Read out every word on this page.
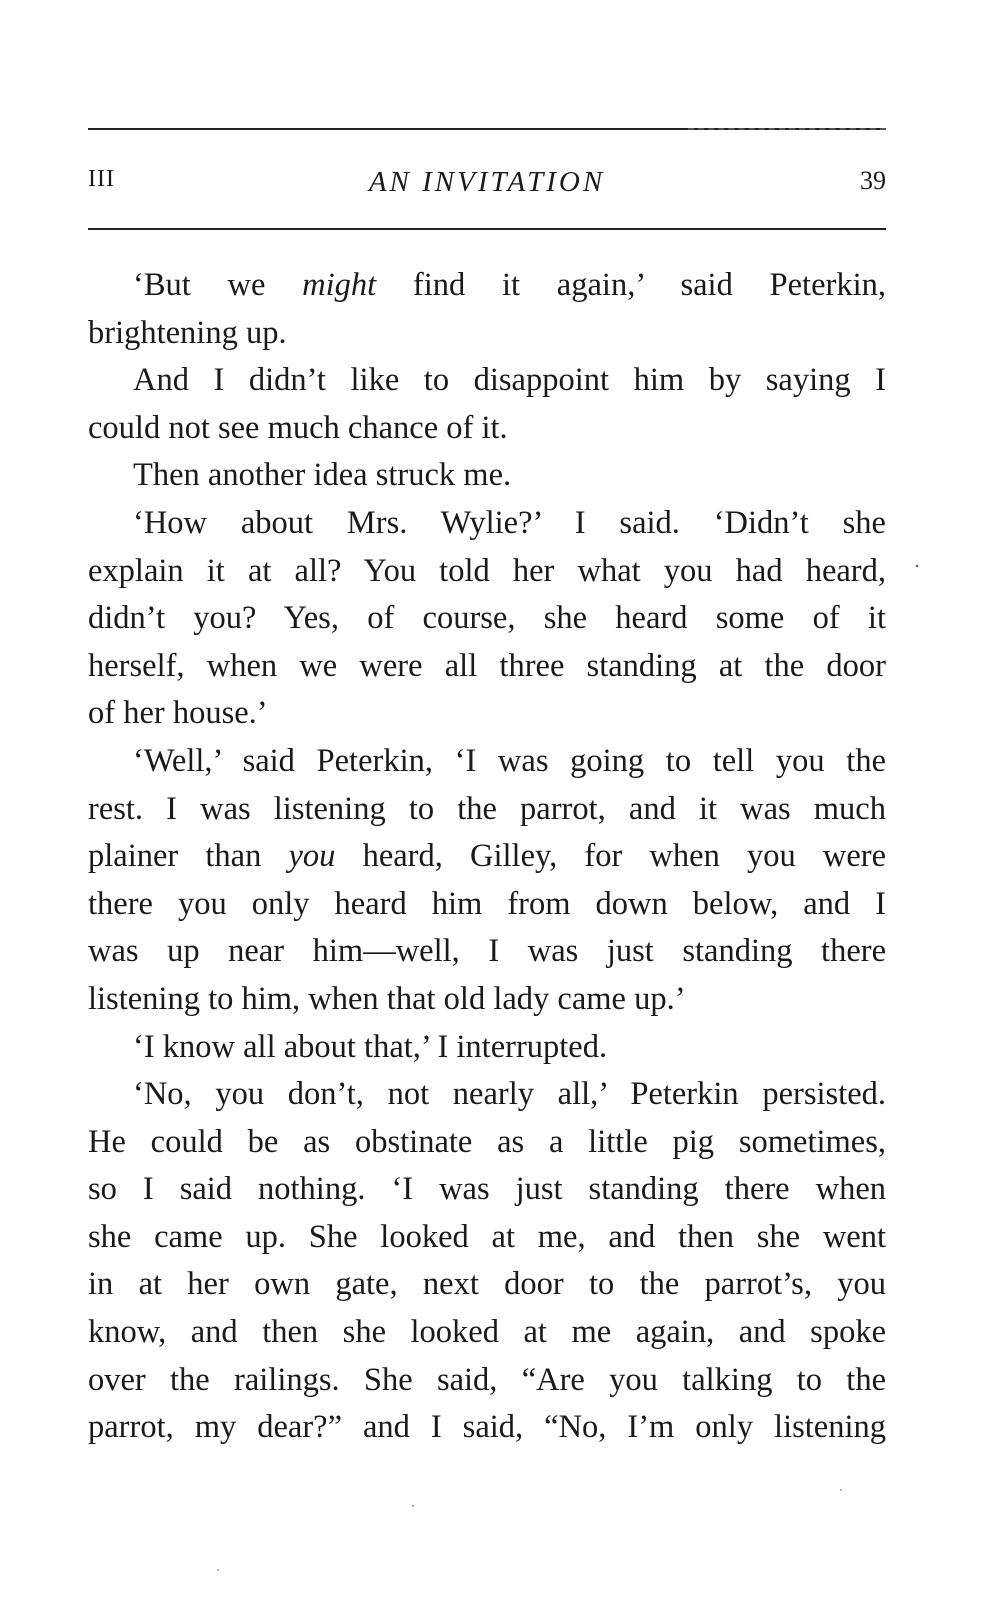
III	AN INVITATION	39
‘But we might find it again,’ said Peterkin,
brightening up.
And I didn’t like to disappoint him by saying I
could not see much chance of it.
Then another idea struck me.
‘How about Mrs. Wylie?’ I said. ‘Didn’t she
explain it at all? You told her what you had heard,
didn’t you? Yes, of course, she heard some of it
herself, when we were all three standing at the door
of her house.’
‘Well,’ said Peterkin, ‘I was going to tell you the
rest. I was listening to the parrot, and it was much
plainer than you heard, Gilley, for when you were
there you only heard him from down below, and I
was up near him—well, I was just standing there
listening to him, when that old lady came up.’
‘I know all about that,’ I interrupted.
‘No, you don’t, not nearly all,’ Peterkin persisted.
He could be as obstinate as a little pig sometimes,
so I said nothing. ‘I was just standing there when
she came up. She looked at me, and then she went
in at her own gate, next door to the parrot’s, you
know, and then she looked at me again, and spoke
over the railings. She said, “Are you talking to the
parrot, my dear?” and I said, “No, I’m only listening
